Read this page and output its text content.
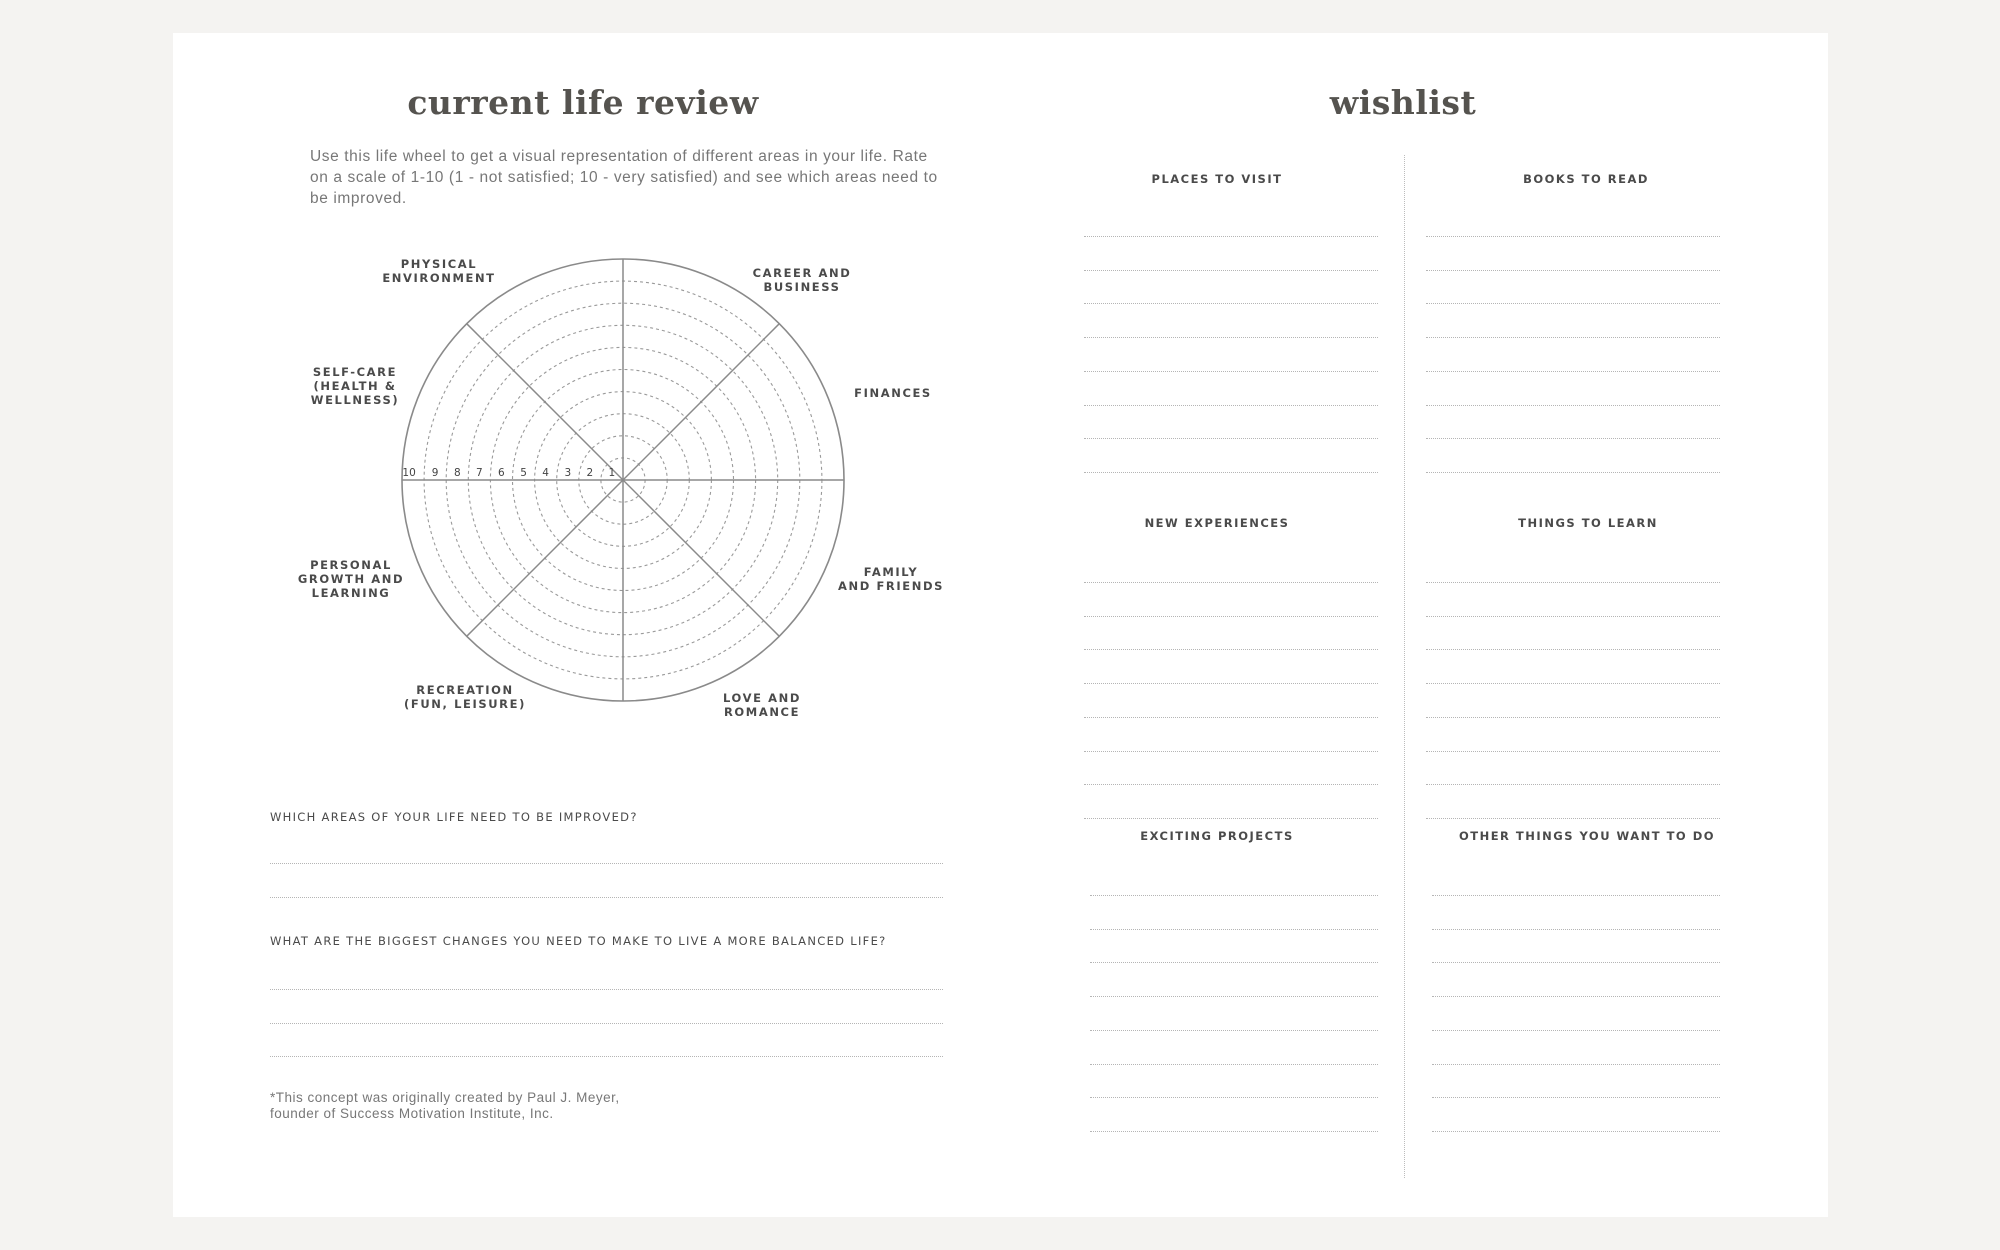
current life review

Use this life wheel to get a visual representation of different areas in your life. Rate on a scale of 1-10 (1 - not satisfied; 10 - very satisfied) and see which areas need to be improved.

10 9 8 7 6 5 4 3 2 1
PHYSICAL
ENVIRONMENT	CAREER AND
BUSINESS
SELF-CARE
(HEALTH &
WELLNESS)	FINANCES
PERSONAL
GROWTH AND
LEARNING
FAMILY
AND FRIENDS
RECREATION
(FUN, LEISURE)	LOVE AND
ROMANCE

WHICH AREAS OF YOUR LIFE NEED TO BE IMPROVED?

WHAT ARE THE BIGGEST CHANGES YOU NEED TO MAKE TO LIVE A MORE BALANCED LIFE?

*This concept was originally created by Paul J. Meyer,
founder of Success Motivation Institute, Inc.

wishlist
PLACES TO VISIT	BOOKS TO READ
NEW EXPERIENCES	THINGS TO LEARN
EXCITING PROJECTS	OTHER THINGS YOU WANT TO DO
